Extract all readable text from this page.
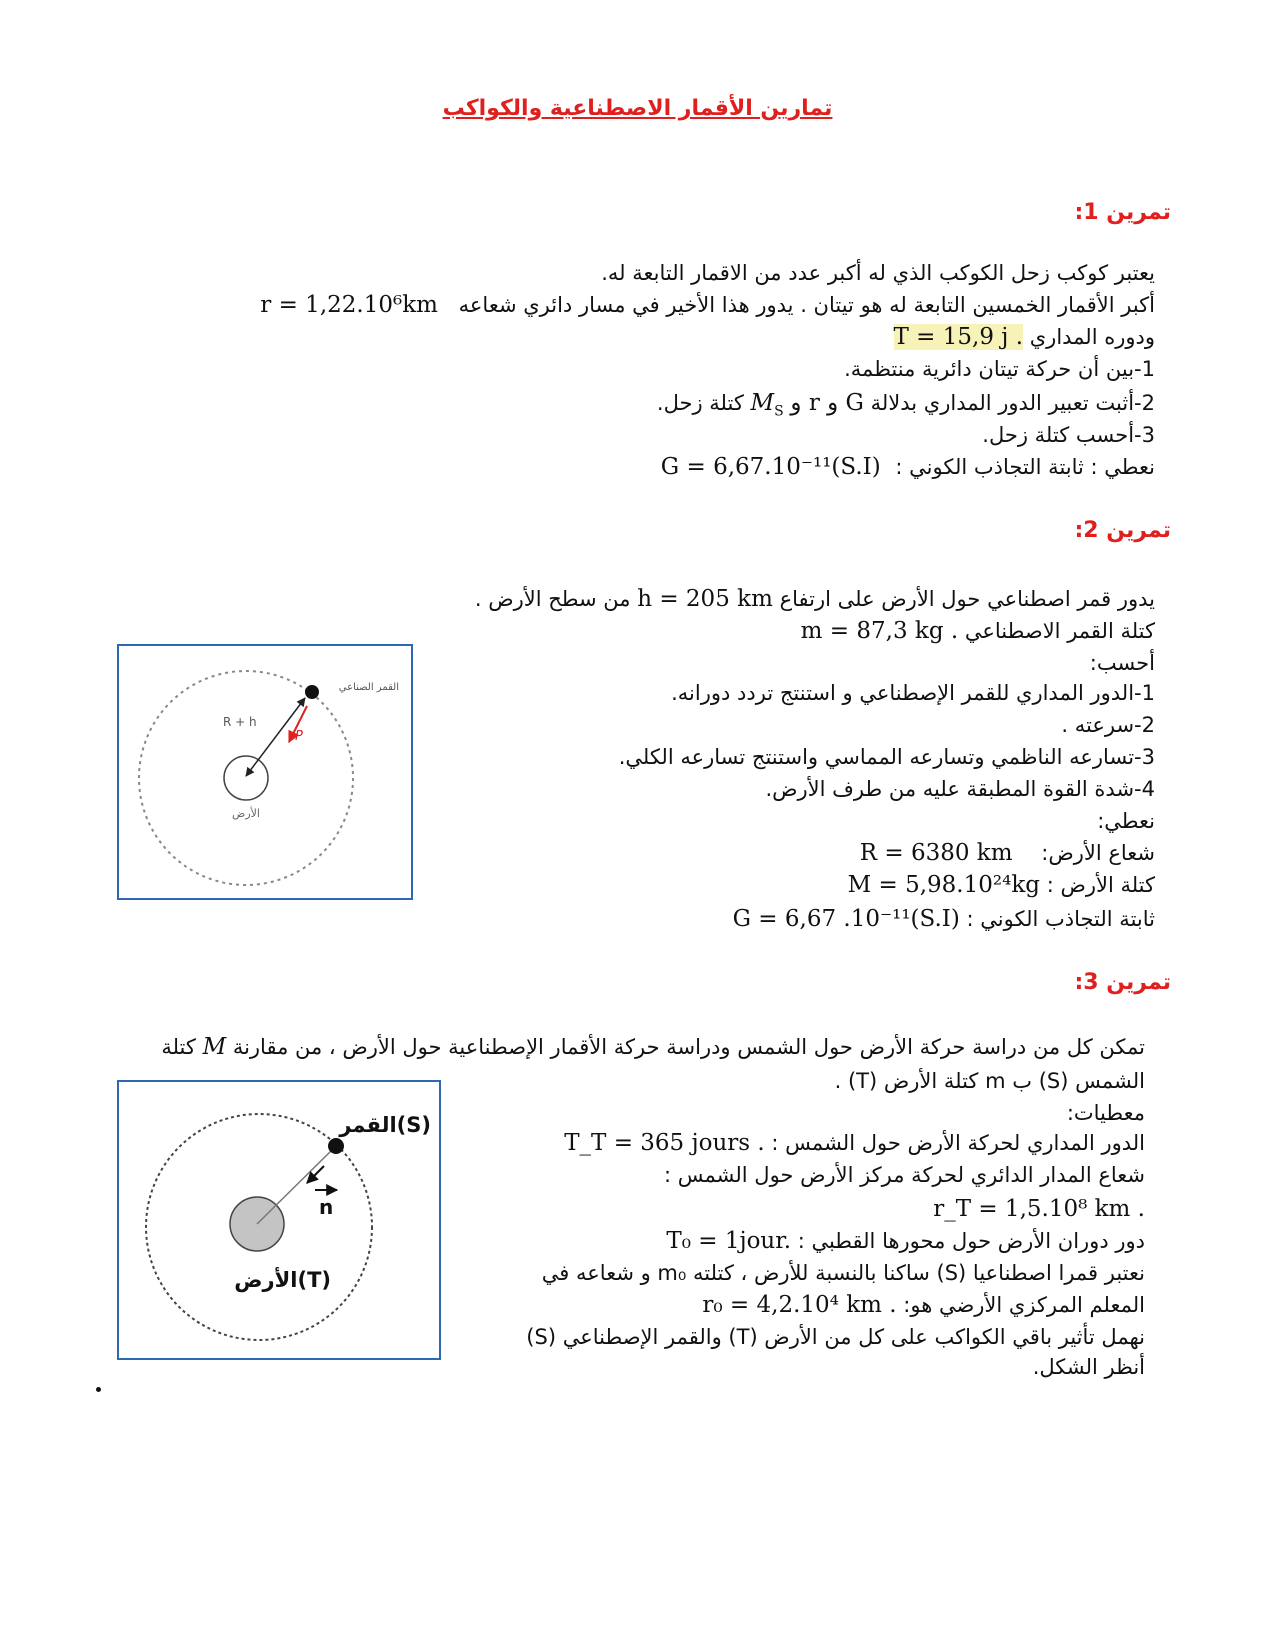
تمارين الأقمار الاصطناعية والكواكب
تمرين 1:
يعتبر كوكب زحل الكوكب الذي له أكبر عدد من الاقمار التابعة له.
أكبر الأقمار الخمسين التابعة له هو تيتان . يدور هذا الأخير في مسار دائري شعاعه r = 1,22.10⁶km
ودوره المداري T = 15,9 j .
1-بين أن حركة تيتان دائرية منتظمة.
2-أثبت تعبير الدور المداري بدلالة G و r و $M_S$ كتلة زحل.
3-أحسب كتلة زحل.
نعطي : ثابتة التجاذب الكوني : G = 6,67.10⁻¹¹(S.I)
تمرين 2:
يدور قمر اصطناعي حول الأرض على ارتفاع h = 205 km من سطح الأرض .
كتلة القمر الاصطناعي m = 87,3 kg .
أحسب:
1-الدور المداري للقمر الإصطناعي و استنتج تردد دورانه.
2-سرعته .
3-تسارعه الناظمي وتسارعه المماسي واستنتج تسارعه الكلي.
4-شدة القوة المطبقة عليه من طرف الأرض.
نعطي:
شعاع الأرض: R = 6380 km
كتلة الأرض : M = 5,98.10²⁴kg
ثابتة التجاذب الكوني : G = 6,67 .10⁻¹¹(S.I)
القمر الصناعي
R + h
P
الأرض
تمرين 3:
تمكن كل من دراسة حركة الأرض حول الشمس ودراسة حركة الأقمار الإصطناعية حول الأرض ، من مقارنة M كتلة
الشمس (S) ب m كتلة الأرض (T) .
معطيات:
الدور المداري لحركة الأرض حول الشمس : T_T = 365 jours .
شعاع المدار الدائري لحركة مركز الأرض حول الشمس :
r_T = 1,5.10⁸ km .
دور دوران الأرض حول محورها القطبي : T₀ = 1jour.
نعتبر قمرا اصطناعيا (S) ساكنا بالنسبة للأرض ، كتلته m₀ و شعاعه في
المعلم المركزي الأرضي هو: r₀ = 4,2.10⁴ km .
نهمل تأثير باقي الكواكب على كل من الأرض (T) والقمر الإصطناعي (S)
أنظر الشكل.
القمر(S)
n
الأرض(T)
